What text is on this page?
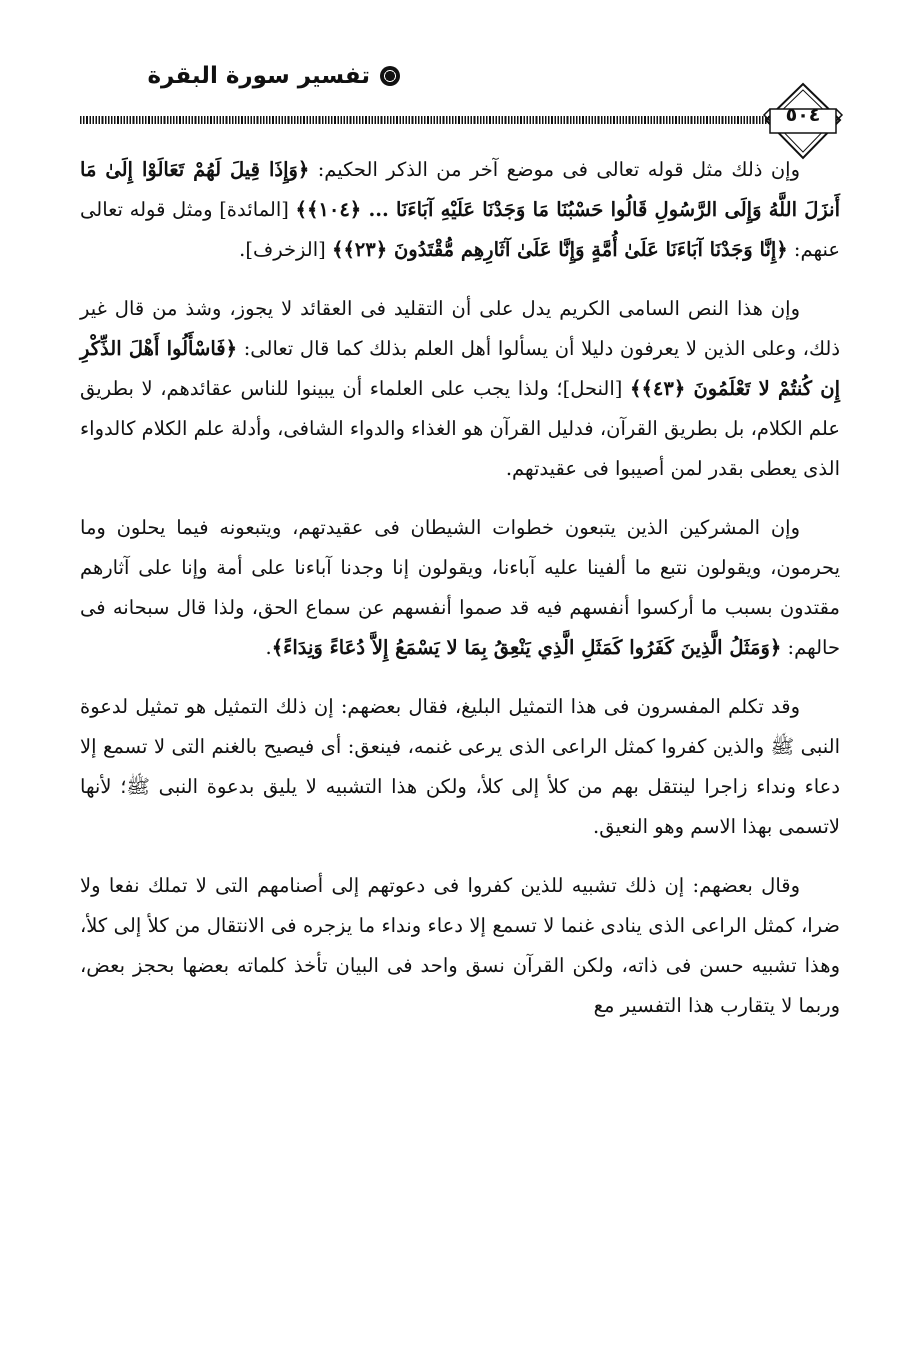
تفسير سورة البقرة
٥٠٤

وإن ذلك مثل قوله تعالى فى موضع آخر من الذكر الحكيم: ﴿وَإِذَا قِيلَ لَهُمْ تَعَالَوْا إِلَىٰ مَا أَنزَلَ اللَّهُ وَإِلَى الرَّسُولِ قَالُوا حَسْبُنَا مَا وَجَدْنَا عَلَيْهِ آبَاءَنَا ... ﴿١٠٤﴾﴾ [المائدة] ومثل قوله تعالى عنهم: ﴿إِنَّا وَجَدْنَا آبَاءَنَا عَلَىٰ أُمَّةٍ وَإِنَّا عَلَىٰ آثَارِهِم مُّقْتَدُونَ ﴿٢٣﴾﴾ [الزخرف].

وإن هذا النص السامى الكريم يدل على أن التقليد فى العقائد لا يجوز، وشذ من قال غير ذلك، وعلى الذين لا يعرفون دليلا أن يسألوا أهل العلم بذلك كما قال تعالى: ﴿فَاسْأَلُوا أَهْلَ الذِّكْرِ إِن كُنتُمْ لا تَعْلَمُونَ ﴿٤٣﴾﴾ [النحل]؛ ولذا يجب على العلماء أن يبينوا للناس عقائدهم، لا بطريق علم الكلام، بل بطريق القرآن، فدليل القرآن هو الغذاء والدواء الشافى، وأدلة علم الكلام كالدواء الذى يعطى بقدر لمن أصيبوا فى عقيدتهم.

وإن المشركين الذين يتبعون خطوات الشيطان فى عقيدتهم، ويتبعونه فيما يحلون وما يحرمون، ويقولون نتبع ما ألفينا عليه آباءنا، ويقولون إنا وجدنا آباءنا على أمة وإنا على آثارهم مقتدون بسبب ما أركسوا أنفسهم فيه قد صموا أنفسهم عن سماع الحق، ولذا قال سبحانه فى حالهم: ﴿وَمَثَلُ الَّذِينَ كَفَرُوا كَمَثَلِ الَّذِي يَنْعِقُ بِمَا لا يَسْمَعُ إِلاَّ دُعَاءً وَنِدَاءً﴾.

وقد تكلم المفسرون فى هذا التمثيل البليغ، فقال بعضهم: إن ذلك التمثيل هو تمثيل لدعوة النبى ﷺ والذين كفروا كمثل الراعى الذى يرعى غنمه، فينعق: أى فيصيح بالغنم التى لا تسمع إلا دعاء ونداء زاجرا لينتقل بهم من كلأ إلى كلأ، ولكن هذا التشبيه لا يليق بدعوة النبى ﷺ؛ لأنها لاتسمى بهذا الاسم وهو النعيق.

وقال بعضهم: إن ذلك تشبيه للذين كفروا فى دعوتهم إلى أصنامهم التى لا تملك نفعا ولا ضرا، كمثل الراعى الذى ينادى غنما لا تسمع إلا دعاء ونداء ما يزجره فى الانتقال من كلأ إلى كلأ، وهذا تشبيه حسن فى ذاته، ولكن القرآن نسق واحد فى البيان تأخذ كلماته بعضها بحجز بعض، وربما لا يتقارب هذا التفسير مع
